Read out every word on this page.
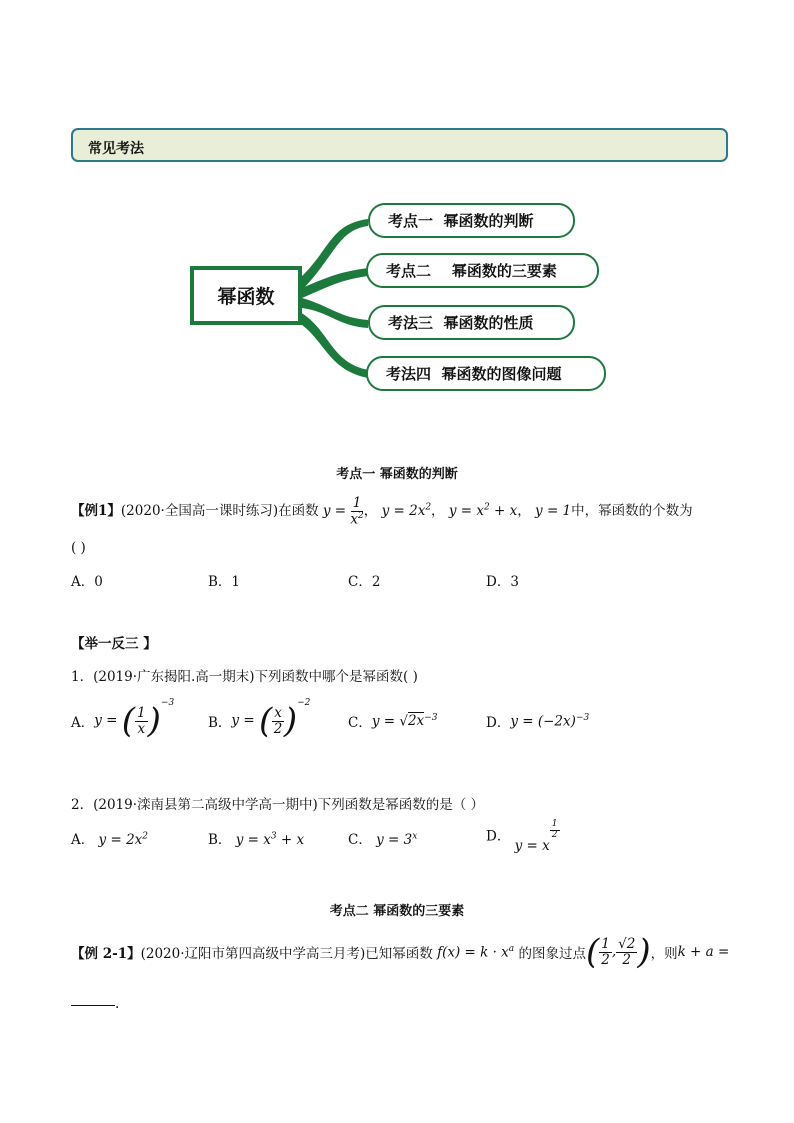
常见考法
幂函数
考点一  幂函数的判断
考点二    幂函数的三要素
考法三  幂函数的性质
考法四  幂函数的图像问题
考点一 幂函数的判断
【例1】(2020·全国高一课时练习)在函数 $y = \frac{1}{x^2}$ ， $y = 2x^2$， $y = x^2 + x$， y = 1中，幂函数的个数为
( )
A．0	B．1	C．2	D．3
【举一反三 】
1．(2019·广东揭阳.高一期末)下列函数中哪个是幂函数( )
A． y = ( $\frac{1}{x} )^{-3}$
B． y = ( $\frac{x}{2} )^{-2}$
C． $y = √2x^{-3}$	D． $y = (-2x)^{-3}$
2．(2019·滦南县第二高级中学高一期中)下列函数是幂函数的是（ ）
A． $y = 2x^2$	B． $y = x^3 + x$	C． $y = 3^x$	D． y = x
$^{\frac{1}{2}}$
考点二 幂函数的三要素
【例 2-1】 (2020·辽阳市第四高级中学高三月考)已知幂函数 $f(x) = k \cdot x^a$ 的图象过点 ( $\frac{1}{2}$ , $\frac{√2}{2}$ ) ，则 k + a =
.
